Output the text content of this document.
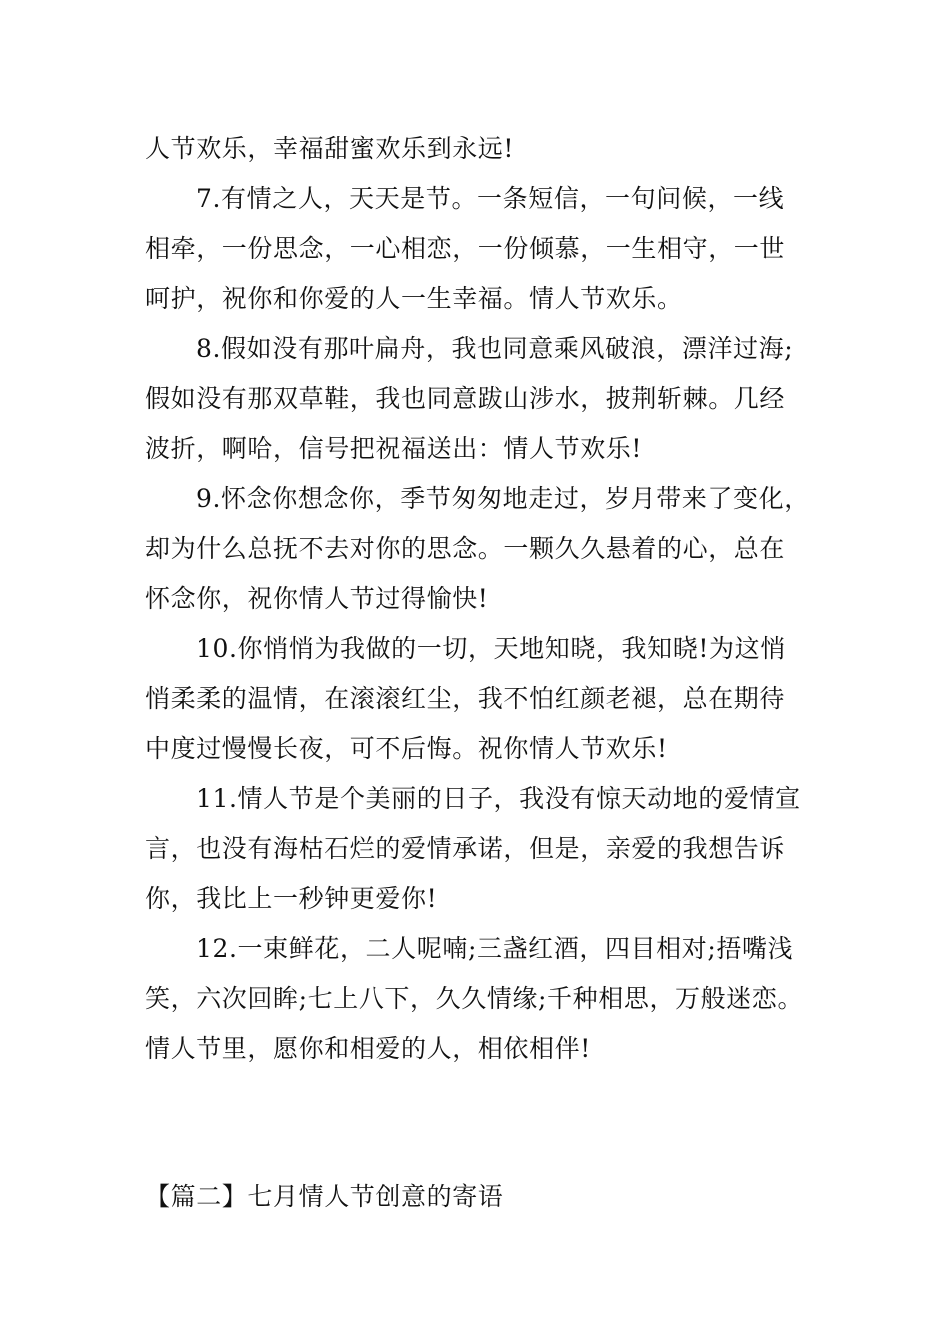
人节欢乐，幸福甜蜜欢乐到永远!
7.有情之人，天天是节。一条短信，一句问候，一线
相牵，一份思念，一心相恋，一份倾慕，一生相守，一世
呵护，祝你和你爱的人一生幸福。情人节欢乐。
8.假如没有那叶扁舟，我也同意乘风破浪，漂洋过海;
假如没有那双草鞋，我也同意跋山涉水，披荆斩棘。几经
波折，啊哈，信号把祝福送出：情人节欢乐!
9.怀念你想念你，季节匆匆地走过，岁月带来了变化，
却为什么总抚不去对你的思念。一颗久久悬着的心，总在
怀念你，祝你情人节过得愉快!
10.你悄悄为我做的一切，天地知晓，我知晓!为这悄
悄柔柔的温情，在滚滚红尘，我不怕红颜老褪，总在期待
中度过慢慢长夜，可不后悔。祝你情人节欢乐!
11.情人节是个美丽的日子，我没有惊天动地的爱情宣
言，也没有海枯石烂的爱情承诺，但是，亲爱的我想告诉
你，我比上一秒钟更爱你!
12.一束鲜花，二人呢喃;三盏红酒，四目相对;捂嘴浅
笑，六次回眸;七上八下，久久情缘;千种相思，万般迷恋。
情人节里，愿你和相爱的人，相依相伴!
【篇二】七月情人节创意的寄语
